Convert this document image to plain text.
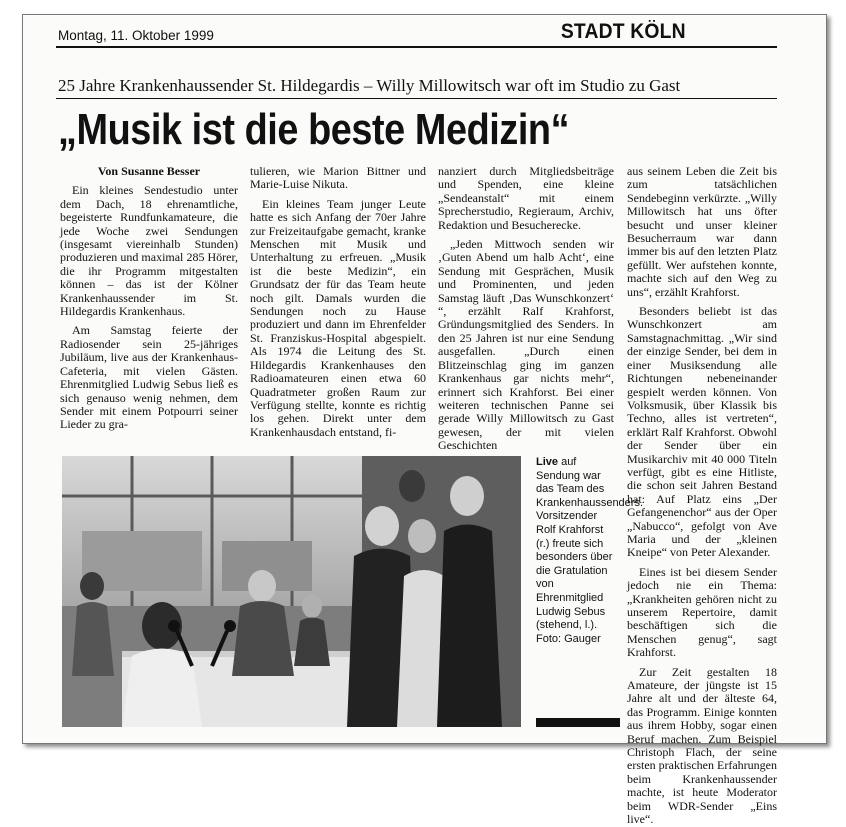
Montag, 11. Oktober 1999	STADT KÖLN
25 Jahre Krankenhaussender St. Hildegardis – Willy Millowitsch war oft im Studio zu Gast
„Musik ist die beste Medizin“

Von Susanne Besser

Ein kleines Sendestudio unter dem Dach, 18 ehrenamtliche, begeisterte Rundfunkamateure, die jede Woche zwei Sendungen (insgesamt viereinhalb Stunden) produzieren und maximal 285 Hörer, die ihr Programm mitgestalten können – das ist der Kölner Krankenhaussender im St. Hildegardis Krankenhaus.

Am Samstag feierte der Radiosender sein 25-jähriges Jubiläum, live aus der Krankenhaus-Cafeteria, mit vielen Gästen. Ehrenmitglied Ludwig Sebus ließ es sich genauso wenig nehmen, dem Sender mit einem Potpourri seiner Lieder zu gra-

tulieren, wie Marion Bittner und Marie-Luise Nikuta.

Ein kleines Team junger Leute hatte es sich Anfang der 70er Jahre zur Freizeitaufgabe gemacht, kranke Menschen mit Musik und Unterhaltung zu erfreuen. „Musik ist die beste Medizin“, ein Grundsatz der für das Team heute noch gilt. Damals wurden die Sendungen noch zu Hause produziert und dann im Ehrenfelder St. Franziskus-Hospital abgespielt. Als 1974 die Leitung des St. Hildegardis Krankenhauses den Radioamateuren einen etwa 60 Quadratmeter großen Raum zur Verfügung stellte, konnte es richtig los gehen. Direkt unter dem Krankenhausdach entstand, fi-

nanziert durch Mitgliedsbeiträge und Spenden, eine kleine „Sendeanstalt“ mit einem Sprecherstudio, Regieraum, Archiv, Redaktion und Besucherecke.

„Jeden Mittwoch senden wir ‚Guten Abend um halb Acht‘, eine Sendung mit Gesprächen, Musik und Prominenten, und jeden Samstag läuft ‚Das Wunschkonzert‘ “, erzählt Ralf Krahforst, Gründungsmitglied des Senders. In den 25 Jahren ist nur eine Sendung ausgefallen. „Durch einen Blitzeinschlag ging im ganzen Krankenhaus gar nichts mehr“, erinnert sich Krahforst. Bei einer weiteren technischen Panne sei gerade Willy Millowitsch zu Gast gewesen, der mit vielen Geschichten

aus seinem Leben die Zeit bis zum tatsächlichen Sendebeginn verkürzte. „Willy Millowitsch hat uns öfter besucht und unser kleiner Besucherraum war dann immer bis auf den letzten Platz gefüllt. Wer aufstehen konnte, machte sich auf den Weg zu uns“, erzählt Krahforst.

Besonders beliebt ist das Wunschkonzert am Samstagnachmittag. „Wir sind der einzige Sender, bei dem in einer Musiksendung alle Richtungen nebeneinander gespielt werden können. Von Volksmusik, über Klassik bis Techno, alles ist vertreten“, erklärt Ralf Krahforst. Obwohl der Sender über ein Musikarchiv mit 40 000 Titeln verfügt, gibt es eine Hitliste, die schon seit Jahren Bestand hat: Auf Platz eins „Der Gefangenenchor“ aus der Oper „Nabucco“, gefolgt von Ave Maria und der „kleinen Kneipe“ von Peter Alexander.

Eines ist bei diesem Sender jedoch nie ein Thema: „Krankheiten gehören nicht zu unserem Repertoire, damit beschäftigen sich die Menschen genug“, sagt Krahforst.

Zur Zeit gestalten 18 Amateure, der jüngste ist 15 Jahre alt und der älteste 64, das Programm. Einige konnten aus ihrem Hobby, sogar einen Beruf machen. Zum Beispiel Christoph Flach, der seine ersten praktischen Erfahrungen beim Krankenhaussender machte, ist heute Moderator beim WDR-Sender „Eins live“.

Live auf Sendung war das Team des Krankenhaussenders. Vorsitzender Rolf Krahforst (r.) freute sich besonders über die Gratulation von Ehrenmitglied Ludwig Sebus (stehend, l.). Foto: Gauger
